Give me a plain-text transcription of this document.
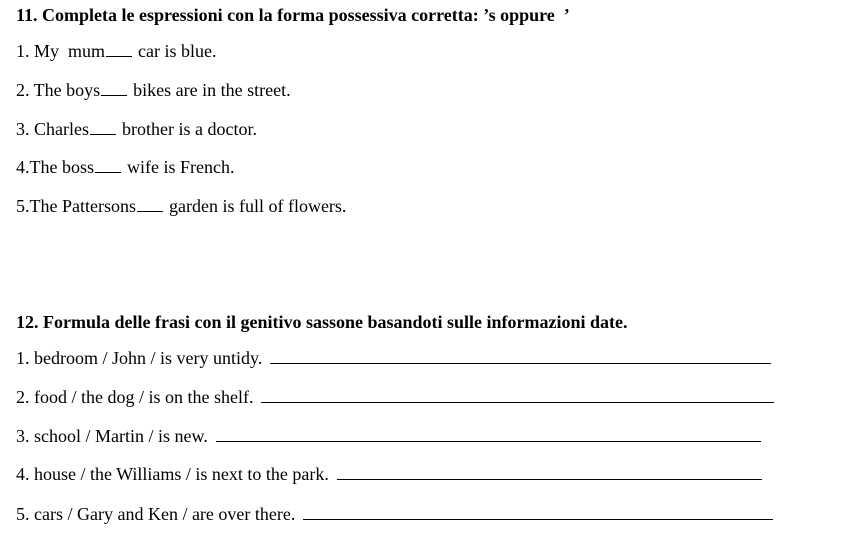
11. Completa le espressioni con la forma possessiva corretta: ’s oppure  ’
1. My  mum car is blue.
2. The boys bikes are in the street.
3. Charles brother is a doctor.
4.The boss wife is French.
5.The Pattersons garden is full of flowers.
12. Formula delle frasi con il genitivo sassone basandoti sulle informazioni date.
1. bedroom / John / is very untidy.
2. food / the dog / is on the shelf.
3. school / Martin / is new.
4. house / the Williams / is next to the park.
5. cars / Gary and Ken / are over there.
